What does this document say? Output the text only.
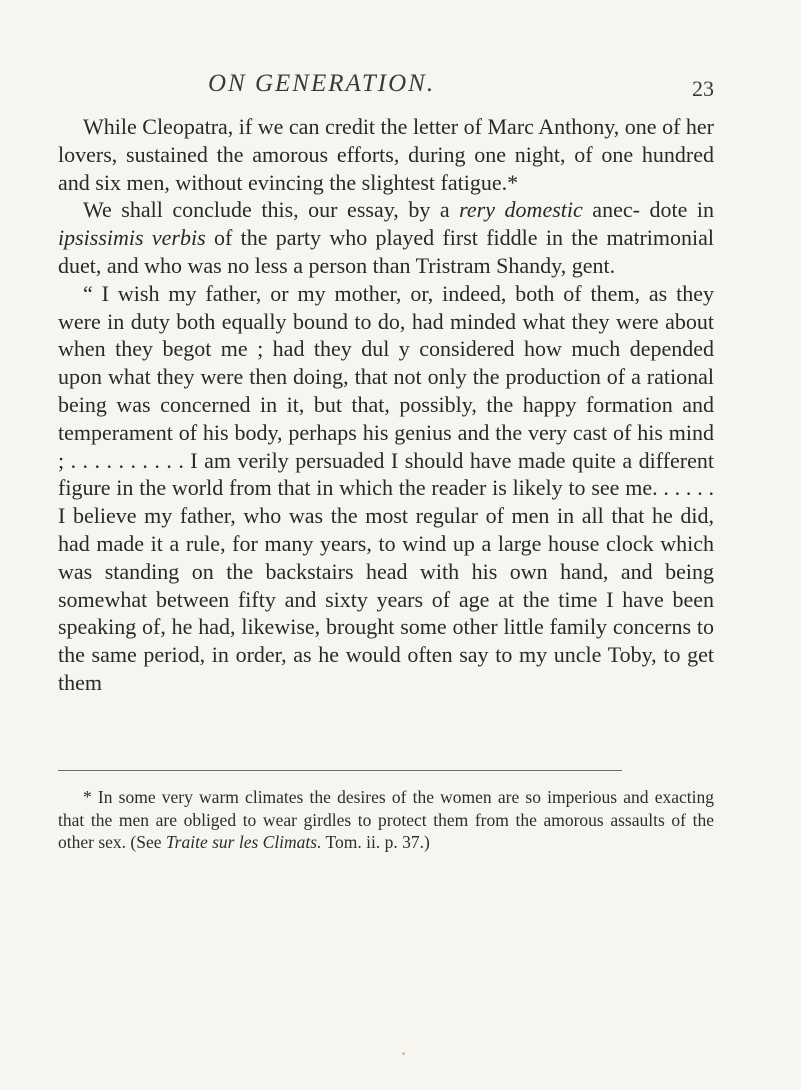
ON GENERATION.	23

While Cleopatra, if we can credit the letter of Marc Anthony, one of her lovers, sustained the amorous efforts, during one night, of one hundred and six men, without evincing the slightest fatigue.*

We shall conclude this, our essay, by a rery domestic anec- dote in ipsissimis verbis of the party who played first fiddle in the matrimonial duet, and who was no less a person than Tristram Shandy, gent.

“ I wish my father, or my mother, or, indeed, both of them, as they were in duty both equally bound to do, had minded what they were about when they begot me ; had they dul y considered how much depended upon what they were then doing, that not only the production of a rational being was concerned in it, but that, possibly, the happy formation and temperament of his body, perhaps his genius and the very cast of his mind ; . . . . . . . . . . I am verily persuaded I should have made quite a different figure in the world from that in which the reader is likely to see me. . . . . . I believe my father, who was the most regular of men in all that he did, had made it a rule, for many years, to wind up a large house clock which was standing on the backstairs head with his own hand, and being somewhat between fifty and sixty years of age at the time I have been speaking of, he had, likewise, brought some other little family concerns to the same period, in order, as he would often say to my uncle Toby, to get them

* In some very warm climates the desires of the women are so imperious and exacting that the men are obliged to wear girdles to protect them from the amorous assaults of the other sex. (See Traite sur les Climats. Tom. ii. p. 37.)
